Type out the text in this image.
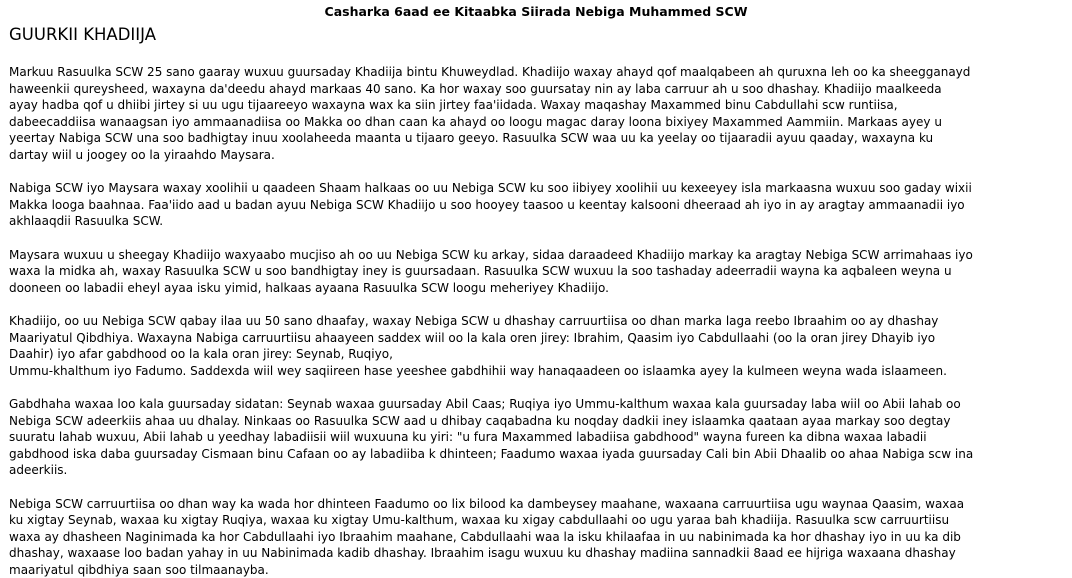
Casharka 6aad ee Kitaabka Siirada Nebiga Muhammed SCW
GUURKII KHADIIJA

Markuu Rasuulka SCW 25 sano gaaray wuxuu guursaday Khadiija bintu Khuweydlad. Khadiijo waxay ahayd qof maalqabeen ah quruxna leh oo ka sheegganayd
haweenkii qureysheed, waxayna da'deedu ahayd markaas 40 sano. Ka hor waxay soo guursatay nin ay laba carruur ah u soo dhashay. Khadiijo maalkeeda
ayay hadba qof u dhiibi jirtey si uu ugu tijaareeyo waxayna wax ka siin jirtey faa'iidada. Waxay maqashay Maxammed binu Cabdullahi scw runtiisa,
dabeecaddiisa wanaagsan iyo ammaanadiisa oo Makka oo dhan caan ka ahayd oo loogu magac daray loona bixiyey Maxammed Aammiin. Markaas ayey u
yeertay Nabiga SCW una soo badhigtay inuu xoolaheeda maanta u tijaaro geeyo. Rasuulka SCW waa uu ka yeelay oo tijaaradii ayuu qaaday, waxayna ku
dartay wiil u joogey oo la yiraahdo Maysara.

Nabiga SCW iyo Maysara waxay xoolihii u qaadeen Shaam halkaas oo uu Nebiga SCW ku soo iibiyey xoolihii uu kexeeyey isla markaasna wuxuu soo gaday wixii
Makka looga baahnaa. Faa'iido aad u badan ayuu Nebiga SCW Khadiijo u soo hooyey taasoo u keentay kalsooni dheeraad ah iyo in ay aragtay ammaanadii iyo
akhlaaqdii Rasuulka SCW.

Maysara wuxuu u sheegay Khadiijo waxyaabo mucjiso ah oo uu Nebiga SCW ku arkay, sidaa daraadeed Khadiijo markay ka aragtay Nebiga SCW arrimahaas iyo
waxa la midka ah, waxay Rasuulka SCW u soo bandhigtay iney is guursadaan. Rasuulka SCW wuxuu la soo tashaday adeerradii wayna ka aqbaleen weyna u
dooneen oo labadii eheyl ayaa isku yimid, halkaas ayaana Rasuulka SCW loogu meheriyey Khadiijo.

Khadiijo, oo uu Nebiga SCW qabay ilaa uu 50 sano dhaafay, waxay Nebiga SCW u dhashay carruurtiisa oo dhan marka laga reebo Ibraahim oo ay dhashay
Maariyatul Qibdhiya. Waxayna Nabiga carruurtiisu ahaayeen saddex wiil oo la kala oren jirey: Ibrahim, Qaasim iyo Cabdullaahi (oo la oran jirey Dhayib iyo
Daahir) iyo afar gabdhood oo la kala oran jirey: Seynab, Ruqiyo,
Ummu-khalthum iyo Fadumo. Saddexda wiil wey saqiireen hase yeeshee gabdhihii way hanaqaadeen oo islaamka ayey la kulmeen weyna wada islaameen.

Gabdhaha waxaa loo kala guursaday sidatan: Seynab waxaa guursaday Abil Caas; Ruqiya iyo Ummu-kalthum waxaa kala guursaday laba wiil oo Abii lahab oo
Nebiga SCW adeerkiis ahaa uu dhalay. Ninkaas oo Rasuulka SCW aad u dhibay caqabadna ku noqday dadkii iney islaamka qaataan ayaa markay soo degtay
suuratu lahab wuxuu, Abii lahab u yeedhay labadiisii wiil wuxuuna ku yiri: "u fura Maxammed labadiisa gabdhood" wayna fureen ka dibna waxaa labadii
gabdhood iska daba guursaday Cismaan binu Cafaan oo ay labadiiba k dhinteen; Faadumo waxaa iyada guursaday Cali bin Abii Dhaalib oo ahaa Nabiga scw ina
adeerkiis.

Nebiga SCW carruurtiisa oo dhan way ka wada hor dhinteen Faadumo oo lix bilood ka dambeysey maahane, waxaana carruurtiisa ugu waynaa Qaasim, waxaa
ku xigtay Seynab, waxaa ku xigtay Ruqiya, waxaa ku xigtay Umu-kalthum, waxaa ku xigay cabdullaahi oo ugu yaraa bah khadiija. Rasuulka scw carruurtiisu
waxa ay dhasheen Naginimada ka hor Cabdullaahi iyo Ibraahim maahane, Cabdullaahi waa la isku khilaafaa in uu nabinimada ka hor dhashay iyo in uu ka dib
dhashay, waxaase loo badan yahay in uu Nabinimada kadib dhashay. Ibraahim isagu wuxuu ku dhashay madiina sannadkii 8aad ee hijriga waxaana dhashay
maariyatul qibdhiya saan soo tilmaanayba.
